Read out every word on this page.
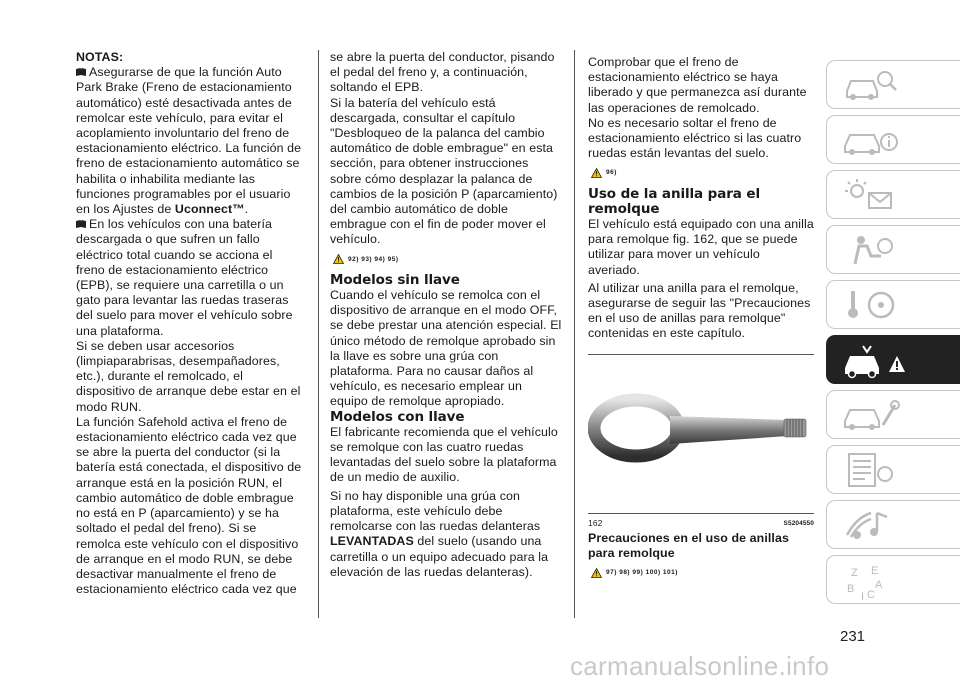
NOTAS:

Asegurarse de que la función Auto Park Brake (Freno de estacionamiento automático) esté desactivada antes de remolcar este vehículo, para evitar el acoplamiento involuntario del freno de estacionamiento eléctrico. La función de freno de estacionamiento automático se habilita o inhabilita mediante las funciones programables por el usuario en los Ajustes de Uconnect™.

En los vehículos con una batería descargada o que sufren un fallo eléctrico total cuando se acciona el freno de estacionamiento eléctrico (EPB), se requiere una carretilla o un gato para levantar las ruedas traseras del suelo para mover el vehículo sobre una plataforma.

Si se deben usar accesorios (limpiaparabrisas, desempañadores, etc.), durante el remolcado, el dispositivo de arranque debe estar en el modo RUN.

La función Safehold activa el freno de estacionamiento eléctrico cada vez que se abre la puerta del conductor (si la batería está conectada, el dispositivo de arranque está en la posición RUN, el cambio automático de doble embrague no está en P (aparcamiento) y se ha soltado el pedal del freno). Si se remolca este vehículo con el dispositivo de arranque en el modo RUN, se debe desactivar manualmente el freno de estacionamiento eléctrico cada vez que

se abre la puerta del conductor, pisando el pedal del freno y, a continuación, soltando el EPB.

Si la batería del vehículo está descargada, consultar el capítulo "Desbloqueo de la palanca del cambio automático de doble embrague" en esta sección, para obtener instrucciones sobre cómo desplazar la palanca de cambios de la posición P (aparcamiento) del cambio automático de doble embrague con el fin de poder mover el vehículo.

92) 93) 94) 95)

Modelos sin llave

Cuando el vehículo se remolca con el dispositivo de arranque en el modo OFF, se debe prestar una atención especial. El único método de remolque aprobado sin la llave es sobre una grúa con plataforma. Para no causar daños al vehículo, es necesario emplear un equipo de remolque apropiado.

Modelos con llave

El fabricante recomienda que el vehículo se remolque con las cuatro ruedas levantadas del suelo sobre la plataforma de un medio de auxilio.

Si no hay disponible una grúa con plataforma, este vehículo debe remolcarse con las ruedas delanteras LEVANTADAS del suelo (usando una carretilla o un equipo adecuado para la elevación de las ruedas delanteras).

Comprobar que el freno de estacionamiento eléctrico se haya liberado y que permanezca así durante las operaciones de remolcado.

No es necesario soltar el freno de estacionamiento eléctrico si las cuatro ruedas están levantas del suelo.

96)

Uso de la anilla para el remolque

El vehículo está equipado con una anilla para remolque fig. 162, que se puede utilizar para mover un vehículo averiado.

Al utilizar una anilla para el remolque, asegurarse de seguir las "Precauciones en el uso de anillas para remolque" contenidas en este capítulo.

162	S5204550

Precauciones en el uso de anillas para remolque

97) 98) 99) 100) 101)	Z E
B
I C
A
231
carmanualsonline.info
